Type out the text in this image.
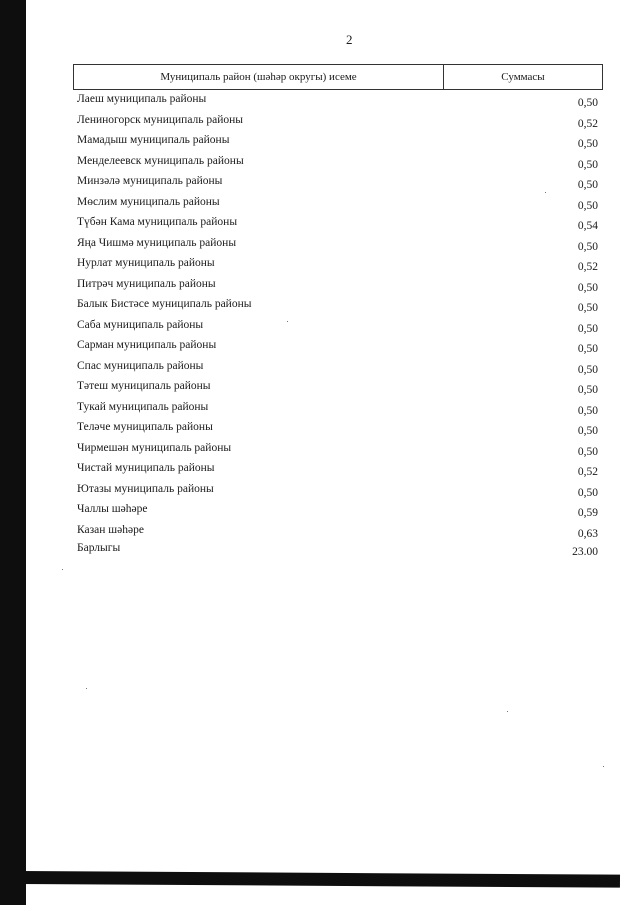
2
Муниципаль район (шәһәр округы) исеме	Суммасы
Лаеш муниципаль районы	0,50
Лениногорск муниципаль районы	0,52
Мамадыш муниципаль районы	0,50
Менделеевск муниципаль районы	0,50
Минзәлә муниципаль районы	0,50
Мөслим муниципаль районы	0,50
Түбән Кама муниципаль районы	0,54
Яңа Чишмә муниципаль районы	0,50
Нурлат муниципаль районы	0,52
Питрәч муниципаль районы	0,50
Балык Бистәсе муниципаль районы	0,50
Саба муниципаль районы	0,50
Сарман муниципаль районы	0,50
Спас муниципаль районы	0,50
Тәтеш муниципаль районы	0,50
Тукай муниципаль районы	0,50
Теләче муниципаль районы	0,50
Чирмешән муниципаль районы	0,50
Чистай муниципаль районы	0,52
Ютазы муниципаль районы	0,50
Чаллы шәһәре	0,59
Казан шәһәре	0,63
Барлыгы	23.00
